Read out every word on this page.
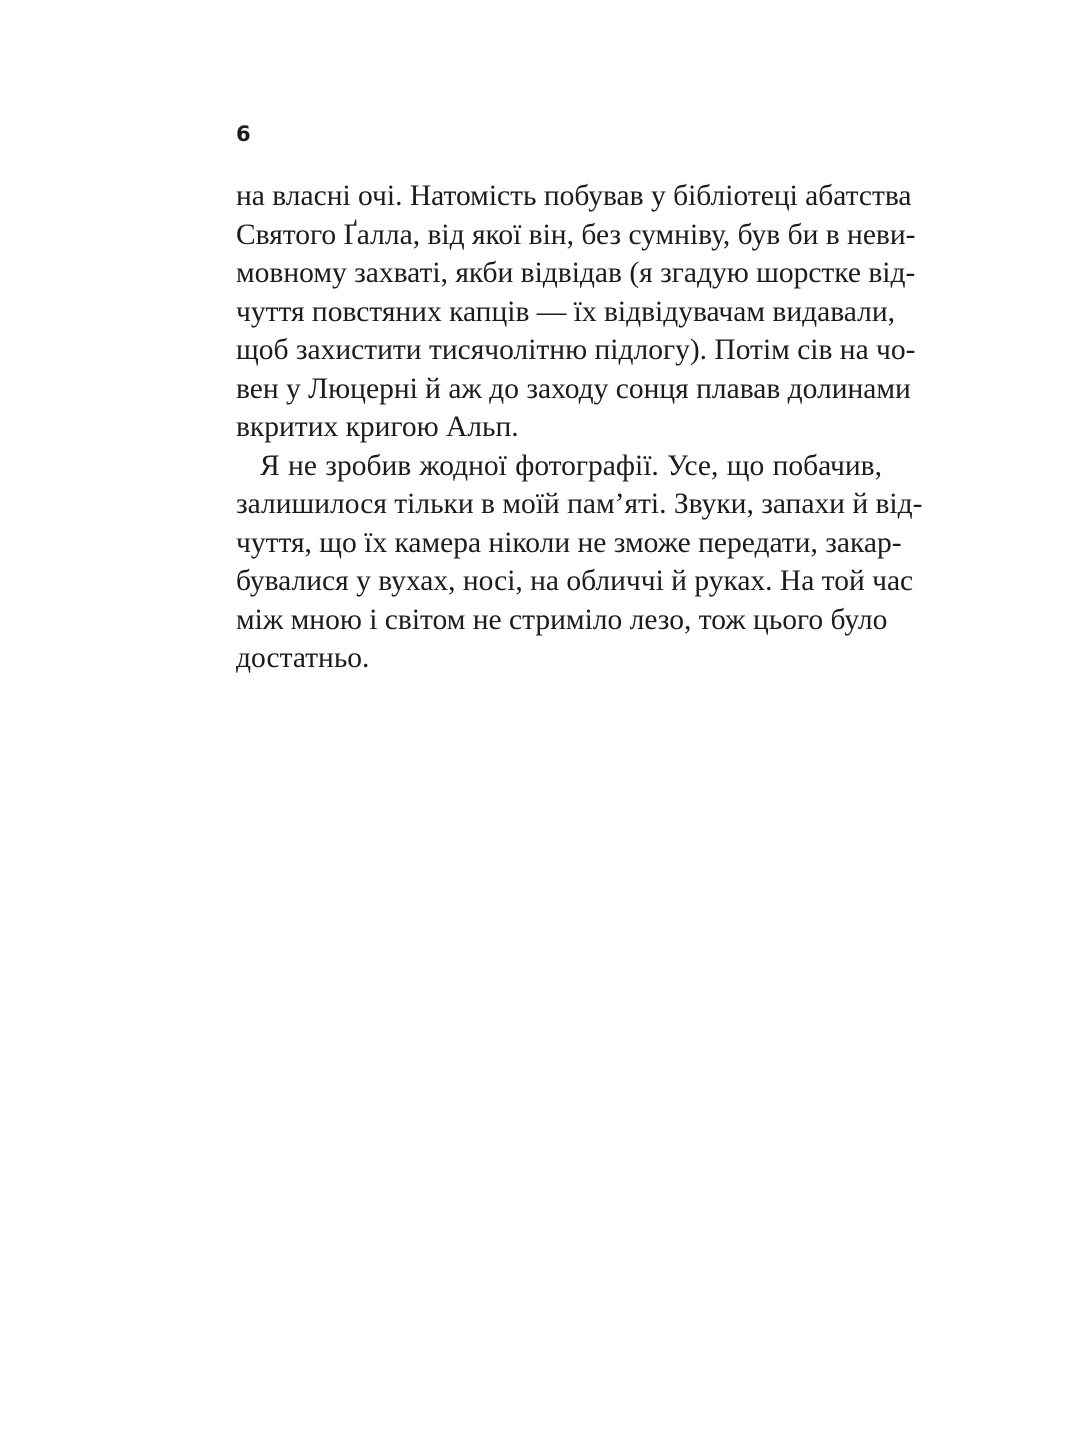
6
на власні очі. Натомість побував у бібліотеці абатства
Святого Ґалла, від якої він, без сумніву, був би в неви-
мовному захваті, якби відвідав (я згадую шорстке від-
чуття повстяних капців — їх відвідувачам видавали,
щоб захистити тисячолітню підлогу). Потім сів на чо-
вен у Люцерні й аж до заходу сонця плавав долинами
вкритих кригою Альп.
Я не зробив жодної фотографії. Усе, що побачив,
залишилося тільки в моїй пам’яті. Звуки, запахи й від-
чуття, що їх камера ніколи не зможе передати, закар-
бувалися у вухах, носі, на обличчі й руках. На той час
між мною і світом не стриміло лезо, тож цього було
достатньо.
